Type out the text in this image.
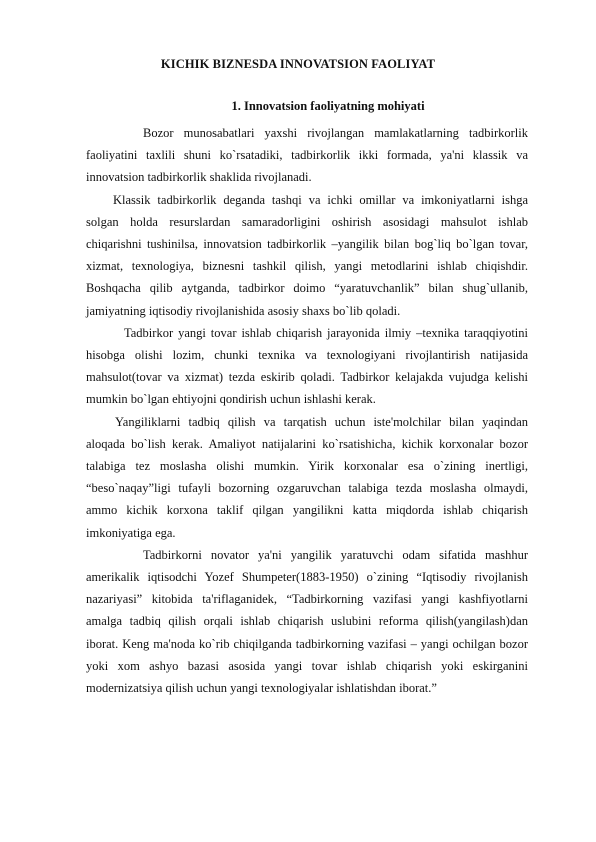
KICHIK BIZNESDA INNOVATSION FAOLIYAT
1. Innovatsion faoliyatning mohiyati

Bozor munosabatlari yaxshi rivojlangan mamlakatlarning tadbirkorlik faoliyatini taxlili shuni ko`rsatadiki, tadbirkorlik ikki formada, ya'ni klassik va innovatsion tadbirkorlik shaklida rivojlanadi.

Klassik tadbirkorlik deganda tashqi va ichki omillar va imkoniyatlarni ishga solgan holda resurslardan samaradorligini oshirish asosidagi mahsulot ishlab chiqarishni tushinilsa, innovatsion tadbirkorlik –yangilik bilan bog`liq bo`lgan tovar, xizmat, texnologiya, biznesni tashkil qilish, yangi metodlarini ishlab chiqishdir. Boshqacha qilib aytganda, tadbirkor doimo “yaratuvchanlik” bilan shug`ullanib, jamiyatning iqtisodiy rivojlanishida asosiy shaxs bo`lib qoladi.

Tadbirkor yangi tovar ishlab chiqarish jarayonida ilmiy –texnika taraqqiyotini hisobga olishi lozim, chunki texnika va texnologiyani rivojlantirish natijasida mahsulot(tovar va xizmat) tezda eskirib qoladi. Tadbirkor kelajakda vujudga kelishi mumkin bo`lgan ehtiyojni qondirish uchun ishlashi kerak.

Yangiliklarni tadbiq qilish va tarqatish uchun iste'molchilar bilan yaqindan aloqada bo`lish kerak. Amaliyot natijalarini ko`rsatishicha, kichik korxonalar bozor talabiga tez moslasha olishi mumkin. Yirik korxonalar esa o`zining inertligi, “beso`naqay”ligi tufayli bozorning ozgaruvchan talabiga tezda moslasha olmaydi, ammo kichik korxona taklif qilgan yangilikni katta miqdorda ishlab chiqarish imkoniyatiga ega.

Tadbirkorni novator ya'ni yangilik yaratuvchi odam sifatida mashhur amerikalik iqtisodchi Yozef Shumpeter(1883-1950) o`zining “Iqtisodiy rivojlanish nazariyasi” kitobida ta'riflaganidek, “Tadbirkorning vazifasi yangi kashfiyotlarni amalga tadbiq qilish orqali ishlab chiqarish uslubini reforma qilish(yangilash)dan iborat. Keng ma'noda ko`rib chiqilganda tadbirkorning vazifasi – yangi ochilgan bozor yoki xom ashyo bazasi asosida yangi tovar ishlab chiqarish yoki eskirganini modernizatsiya qilish uchun yangi texnologiyalar ishlatishdan iborat.”
